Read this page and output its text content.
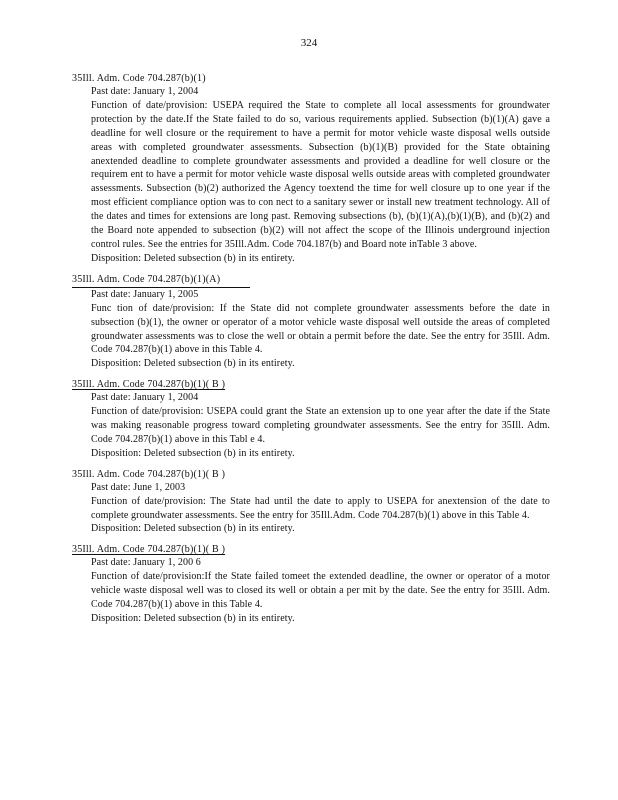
324
35Ill. Adm. Code 704.287(b)(1)
Past date: January 1, 2004
Function of date/provision: USEPA required the State to complete all local assessments for groundwater protection by the date.If the State failed to do so, various requirements applied. Subsection (b)(1)(A) gave a deadline for well closure or the requirement to have a permit for motor vehicle waste disposal wells outside areas with completed groundwater assessments. Subsection (b)(1)(B) provided for the State obtaining anextended deadline to complete groundwater assessments and provided a deadline for well closure or the requirem ent to have a permit for motor vehicle waste disposal wells outside areas with completed groundwater assessments. Subsection (b)(2) authorized the Agency toextend the time for well closure up to one year if the most efficient compliance option was to con nect to a sanitary sewer or install new treatment technology. All of the dates and times for extensions are long past. Removing subsections (b), (b)(1)(A),(b)(1)(B), and (b)(2) and the Board note appended to subsection (b)(2) will not affect the scope of the Illinois underground injection control rules. See the entries for 35Ill.Adm. Code 704.187(b) and Board note inTable 3 above.
Disposition: Deleted subsection (b) in its entirety.
35Ill. Adm. Code 704.287(b)(1)(A)
Past date: January 1, 2005
Func tion of date/provision: If the State did not complete groundwater assessments before the date in subsection (b)(1), the owner or operator of a motor vehicle waste disposal well outside the areas of completed groundwater assessments was to close the well or obtain a permit before the date. See the entry for 35Ill. Adm. Code 704.287(b)(1) above in this Table 4.
Disposition: Deleted subsection (b) in its entirety.
35Ill. Adm. Code 704.287(b)(1)( B )
Past date: January 1, 2004
Function of date/provision: USEPA could grant the State an extension up to one year after the date if the State was making reasonable progress toward completing groundwater assessments. See the entry for 35Ill. Adm. Code 704.287(b)(1) above in this Tabl e 4.
Disposition: Deleted subsection (b) in its entirety.
35Ill. Adm. Code 704.287(b)(1)( B )
Past date: June 1, 2003
Function of date/provision: The State had until the date to apply to USEPA for anextension of the date to complete groundwater assessments. See the entry for 35Ill.Adm. Code 704.287(b)(1) above in this Table 4.
Disposition: Deleted subsection (b) in its entirety.
35Ill. Adm. Code 704.287(b)(1)( B )
Past date: January 1, 200 6
Function of date/provision:If the State failed tomeet the extended deadline, the owner or operator of a motor vehicle waste disposal well was to closed its well or obtain a per mit by the date. See the entry for 35Ill. Adm. Code 704.287(b)(1) above in this Table 4.
Disposition: Deleted subsection (b) in its entirety.
